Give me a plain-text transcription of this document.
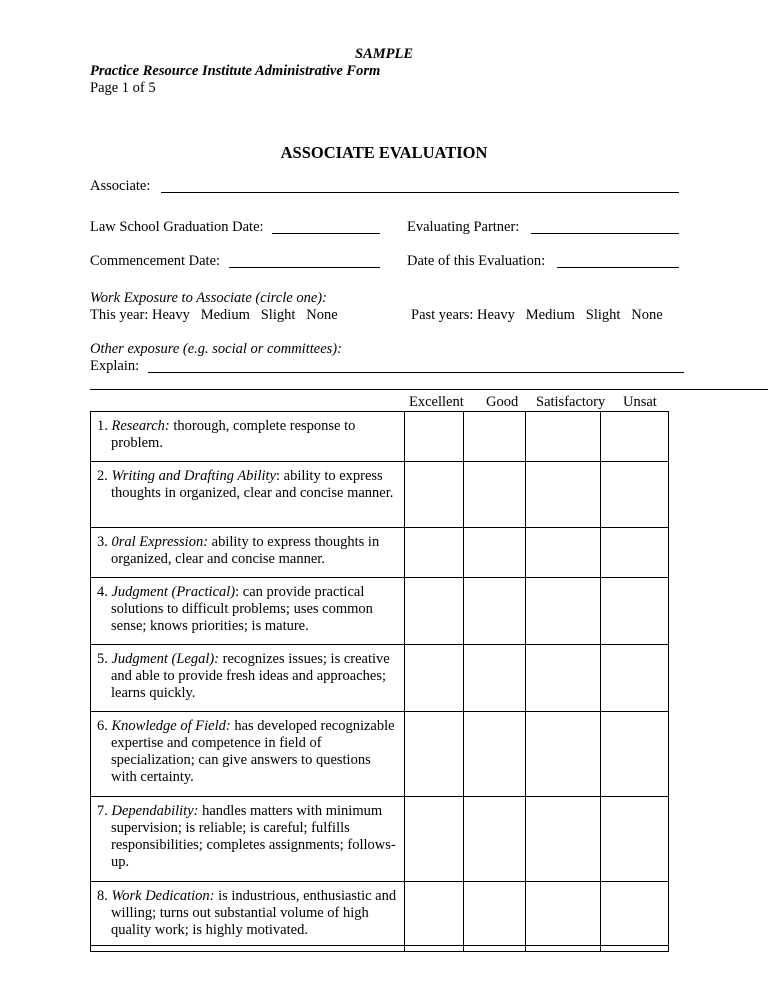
SAMPLE
Practice Resource Institute Administrative Form
Page 1 of 5
ASSOCIATE EVALUATION
Associate:
Law School Graduation Date:	Evaluating Partner:
Commencement Date:	Date of this Evaluation:
Work Exposure to Associate (circle one):
This year: Heavy   Medium   Slight   None	Past years: Heavy   Medium   Slight   None
Other exposure (e.g. social or committees):
Explain:
Excellent Good Satisfactory Unsat
1. Research: thorough, complete response to problem.				

2. Writing and Drafting Ability: ability to express thoughts in organized, clear and concise manner.				

3. 0ral Expression: ability to express thoughts in organized, clear and concise manner.				

4. Judgment (Practical): can provide practical solutions to difficult problems; uses common sense; knows priorities; is mature.				

5. Judgment (Legal): recognizes issues; is creative and able to provide fresh ideas and approaches; learns quickly.				

6. Knowledge of Field: has developed recognizable expertise and competence in field of specialization; can give answers to questions with certainty.				

7. Dependability: handles matters with minimum supervision; is reliable; is careful; fulfills responsibilities; completes assignments; follows-up.				

8. Work Dedication: is industrious, enthusiastic and willing; turns out substantial volume of high quality work; is highly motivated.				
